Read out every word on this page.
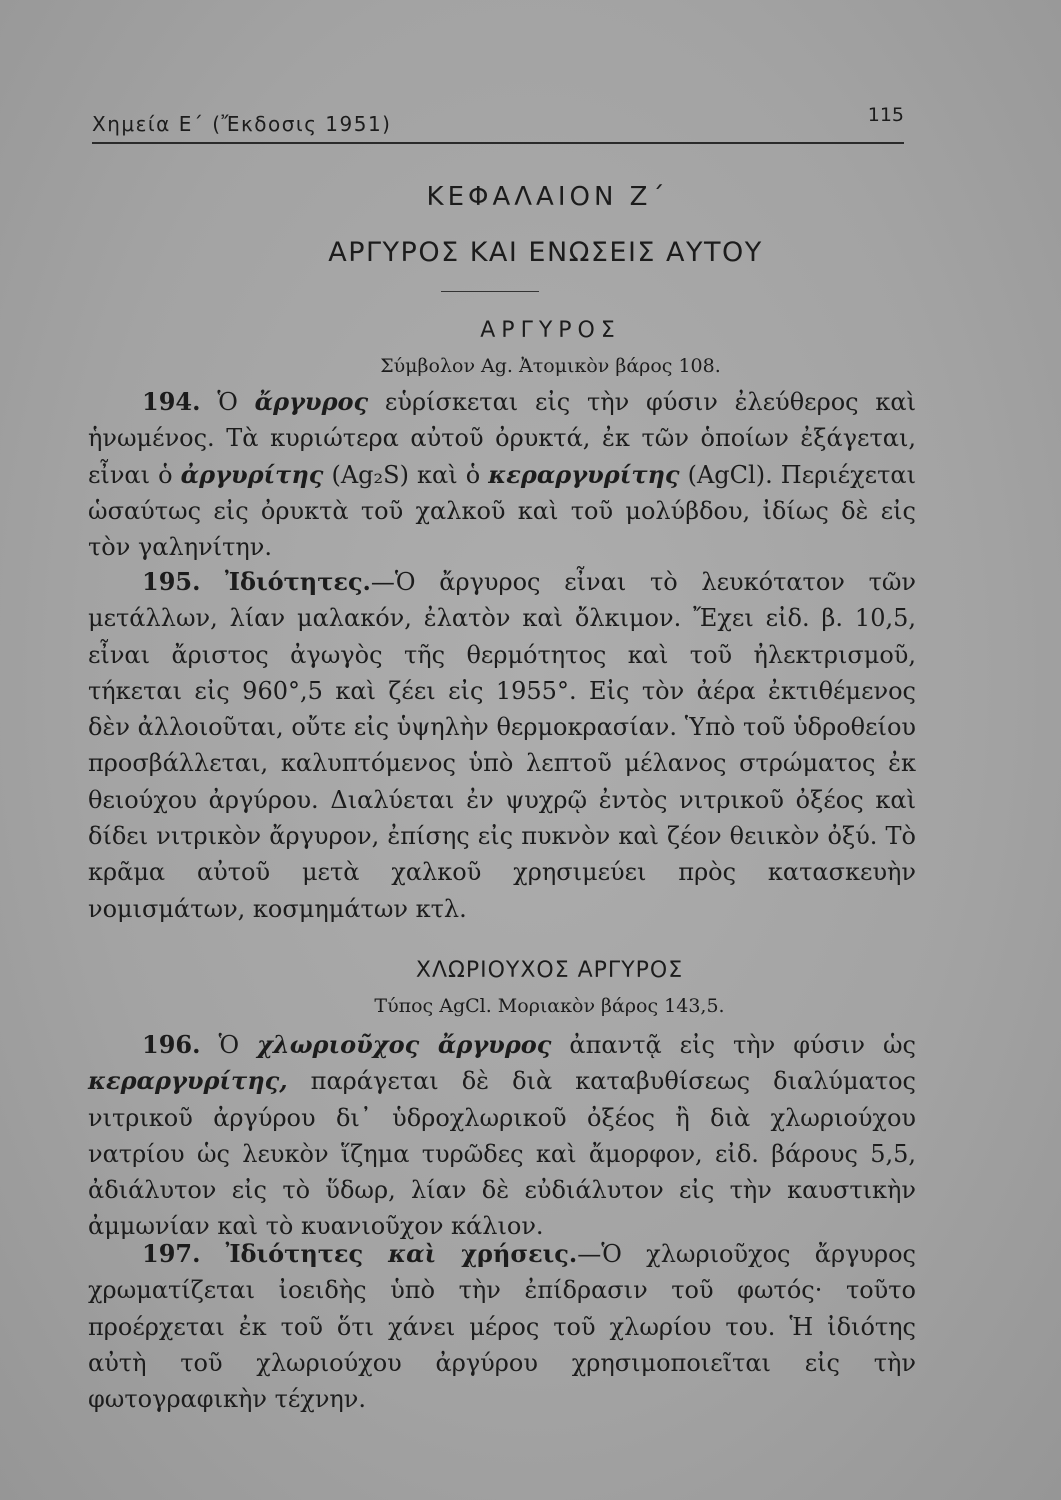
Χημεία Ε΄ (Ἔκδοσις 1951)	115
ΚΕΦΑΛΑΙΟΝ Ζ΄
ΑΡΓΥΡΟΣ ΚΑΙ ΕΝΩΣΕΙΣ ΑΥΤΟΥ
ΑΡΓΥΡΟΣ
Σύμβολον Ag. Ἀτομικὸν βάρος 108.
194. Ὁ ἄργυρος εὑρίσκεται εἰς τὴν φύσιν ἐλεύθερος καὶ ἡνωμένος. Τὰ κυριώτερα αὐτοῦ ὀρυκτά, ἐκ τῶν ὁποίων ἐξάγεται, εἶναι ὁ ἀργυρίτης (Ag₂S) καὶ ὁ κεραργυρίτης (AgCl). Περιέχεται ὡσαύτως εἰς ὀρυκτὰ τοῦ χαλκοῦ καὶ τοῦ μολύβδου, ἰδίως δὲ εἰς τὸν γαληνίτην.
195. Ἰδιότητες.—Ὁ ἄργυρος εἶναι τὸ λευκότατον τῶν μετάλλων, λίαν μαλακόν, ἐλατὸν καὶ ὄλκιμον. Ἔχει εἰδ. β. 10,5, εἶναι ἄριστος ἀγωγὸς τῆς θερμότητος καὶ τοῦ ἠλεκτρισμοῦ, τήκεται εἰς 960°,5 καὶ ζέει εἰς 1955°. Εἰς τὸν ἀέρα ἐκτιθέμενος δὲν ἀλλοιοῦται, οὔτε εἰς ὑψηλὴν θερμοκρασίαν. Ὑπὸ τοῦ ὑδροθείου προσβάλλεται, καλυπτόμενος ὑπὸ λεπτοῦ μέλανος στρώματος ἐκ θειούχου ἀργύρου. Διαλύεται ἐν ψυχρῷ ἐντὸς νιτρικοῦ ὀξέος καὶ δίδει νιτρικὸν ἄργυρον, ἐπίσης εἰς πυκνὸν καὶ ζέον θειικὸν ὀξύ. Τὸ κρᾶμα αὐτοῦ μετὰ χαλκοῦ χρησιμεύει πρὸς κατασκευὴν νομισμάτων, κοσμημάτων κτλ.
ΧΛΩΡΙΟΥΧΟΣ ΑΡΓΥΡΟΣ
Τύπος AgCl. Μοριακὸν βάρος 143,5.
196. Ὁ χλωριοῦχος ἄργυρος ἀπαντᾷ εἰς τὴν φύσιν ὡς κεραργυρίτης, παράγεται δὲ διὰ καταβυθίσεως διαλύματος νιτρικοῦ ἀργύρου δι᾽ ὑδροχλωρικοῦ ὀξέος ἢ διὰ χλωριούχου νατρίου ὡς λευκὸν ἵζημα τυρῶδες καὶ ἄμορφον, εἰδ. βάρους 5,5, ἀδιάλυτον εἰς τὸ ὕδωρ, λίαν δὲ εὐδιάλυτον εἰς τὴν καυστικὴν ἀμμωνίαν καὶ τὸ κυανιοῦχον κάλιον.
197. Ἰδιότητες καὶ χρήσεις.—Ὁ χλωριοῦχος ἄργυρος χρωματίζεται ἰοειδὴς ὑπὸ τὴν ἐπίδρασιν τοῦ φωτός· τοῦτο προέρχεται ἐκ τοῦ ὅτι χάνει μέρος τοῦ χλωρίου του. Ἡ ἰδιότης αὐτὴ τοῦ χλωριούχου ἀργύρου χρησιμοποιεῖται εἰς τὴν φωτογραφικὴν τέχνην.
